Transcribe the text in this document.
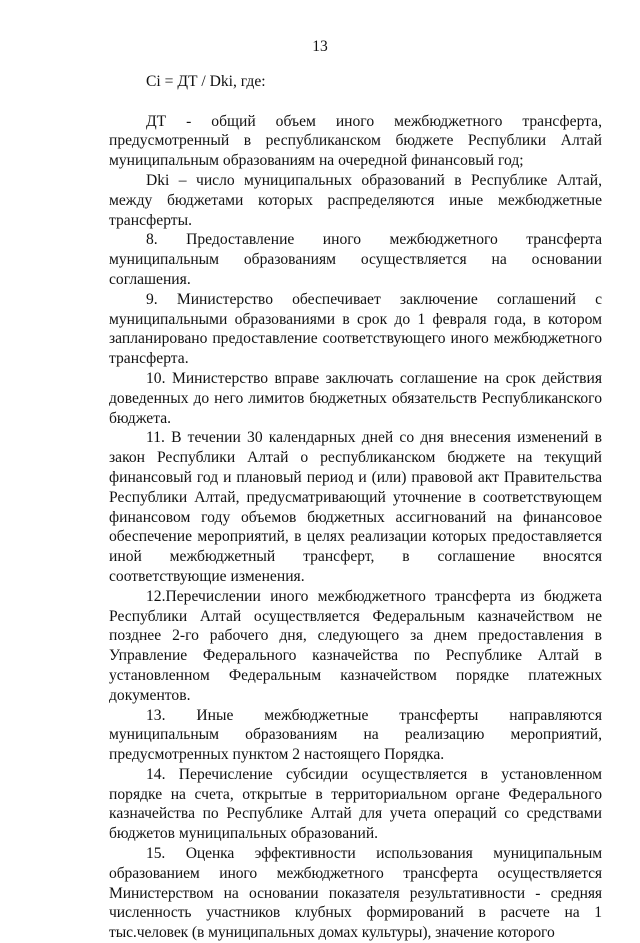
13

Ci = ДТ / Dki, где:

ДТ - общий объем иного межбюджетного трансферта, предусмотренный в республиканском бюджете Республики Алтай муниципальным образованиям на очередной финансовый год;

Dki – число муниципальных образований в Республике Алтай, между бюджетами которых распределяются иные межбюджетные трансферты.

8. Предоставление иного межбюджетного трансферта муниципальным образованиям осуществляется на основании соглашения.

9. Министерство обеспечивает заключение соглашений с муниципальными образованиями в срок до 1 февраля года, в котором запланировано предоставление соответствующего иного межбюджетного трансферта.

10. Министерство вправе заключать соглашение на срок действия доведенных до него лимитов бюджетных обязательств Республиканского бюджета.

11. В течении 30 календарных дней со дня внесения изменений в закон Республики Алтай о республиканском бюджете на текущий финансовый год и плановый период и (или) правовой акт Правительства Республики Алтай, предусматривающий уточнение в соответствующем финансовом году объемов бюджетных ассигнований на финансовое обеспечение мероприятий, в целях реализации которых предоставляется иной межбюджетный трансферт, в соглашение вносятся соответствующие изменения.

12.Перечислении иного межбюджетного трансферта из бюджета Республики Алтай осуществляется Федеральным казначейством не позднее 2-го рабочего дня, следующего за днем предоставления в Управление Федерального казначейства по Республике Алтай в установленном Федеральным казначейством порядке платежных документов.

13. Иные межбюджетные трансферты направляются муниципальным образованиям на реализацию мероприятий, предусмотренных пунктом 2 настоящего Порядка.

14. Перечисление субсидии осуществляется в установленном порядке на счета, открытые в территориальном органе Федерального казначейства по Республике Алтай для учета операций со средствами бюджетов муниципальных образований.

15. Оценка эффективности использования муниципальным образованием иного межбюджетного трансферта осуществляется Министерством на основании показателя результативности - средняя численность участников клубных формирований в расчете на 1 тыс.человек (в муниципальных домах культуры), значение которого
